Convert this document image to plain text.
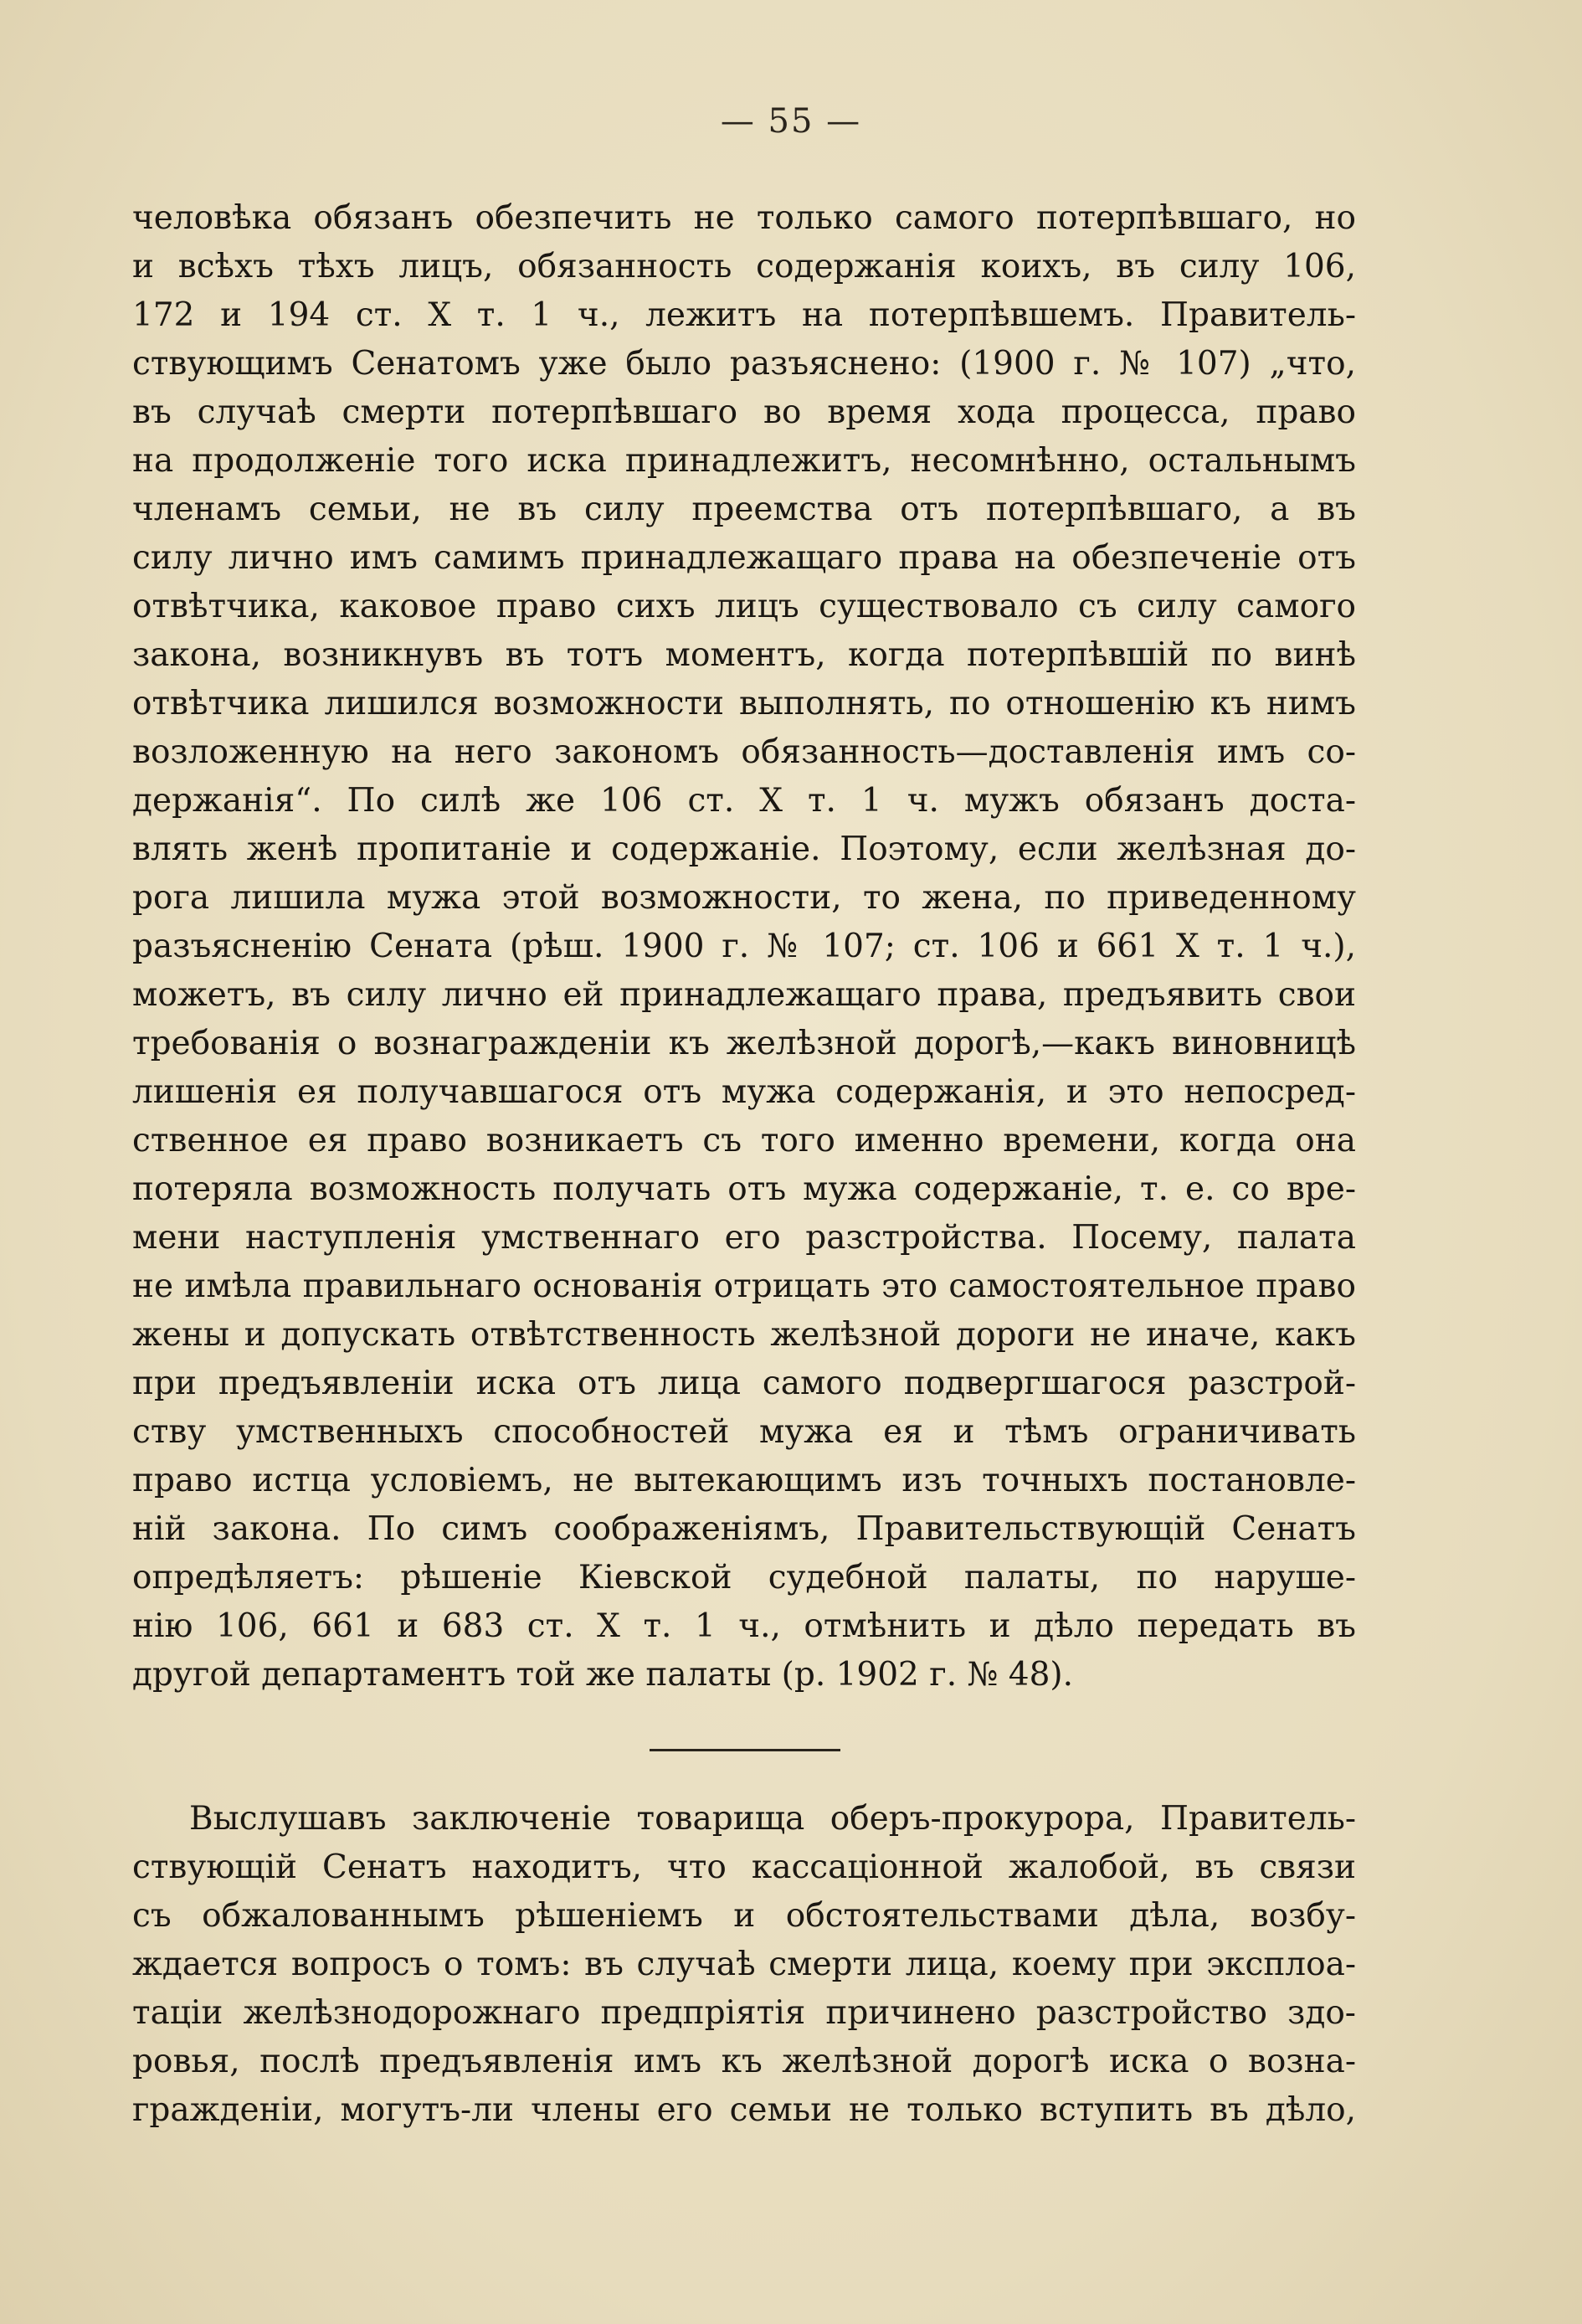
— 55 —
человѣка обязанъ обезпечить не только самого потерпѣвшаго, но
и всѣхъ тѣхъ лицъ, обязанность содержанія коихъ, въ силу 106,
172 и 194 ст. X т. 1 ч., лежитъ на потерпѣвшемъ. Правитель-
ствующимъ Сенатомъ уже было разъяснено: (1900 г. № 107) „что,
въ случаѣ смерти потерпѣвшаго во время хода процесса, право
на продолженіе того иска принадлежитъ, несомнѣнно, остальнымъ
членамъ семьи, не въ силу преемства отъ потерпѣвшаго, а въ
силу лично имъ самимъ принадлежащаго права на обезпеченіе отъ
отвѣтчика, каковое право сихъ лицъ существовало съ силу самого
закона, возникнувъ въ тотъ моментъ, когда потерпѣвшій по винѣ
отвѣтчика лишился возможности выполнять, по отношенію къ нимъ
возложенную на него закономъ обязанность—доставленія имъ со-
держанія“. По силѣ же 106 ст. X т. 1 ч. мужъ обязанъ доста-
влять женѣ пропитаніе и содержаніе. Поэтому, если желѣзная до-
рога лишила мужа этой возможности, то жена, по приведенному
разъясненію Сената (рѣш. 1900 г. № 107; ст. 106 и 661 X т. 1 ч.),
можетъ, въ силу лично ей принадлежащаго права, предъявить свои
требованія о вознагражденіи къ желѣзной дорогѣ,—какъ виновницѣ
лишенія ея получавшагося отъ мужа содержанія, и это непосред-
ственное ея право возникаетъ съ того именно времени, когда она
потеряла возможность получать отъ мужа содержаніе, т. е. со вре-
мени наступленія умственнаго его разстройства. Посему, палата
не имѣла правильнаго основанія отрицать это самостоятельное право
жены и допускать отвѣтственность желѣзной дороги не иначе, какъ
при предъявленіи иска отъ лица самого подвергшагося разстрой-
ству умственныхъ способностей мужа ея и тѣмъ ограничивать
право истца условіемъ, не вытекающимъ изъ точныхъ постановле-
ній закона. По симъ соображеніямъ, Правительствующій Сенатъ
опредѣляетъ: рѣшеніе Кіевской судебной палаты, по наруше-
нію 106, 661 и 683 ст. X т. 1 ч., отмѣнить и дѣло передать въ
другой департаментъ той же палаты (р. 1902 г. № 48).
Выслушавъ заключеніе товарища оберъ-прокурора, Правитель-
ствующій Сенатъ находитъ, что кассаціонной жалобой, въ связи
съ обжалованнымъ рѣшеніемъ и обстоятельствами дѣла, возбу-
ждается вопросъ о томъ: въ случаѣ смерти лица, коему при эксплоа-
таціи желѣзнодорожнаго предпріятія причинено разстройство здо-
ровья, послѣ предъявленія имъ къ желѣзной дорогѣ иска о возна-
гражденіи, могутъ-ли члены его семьи не только вступить въ дѣло,
